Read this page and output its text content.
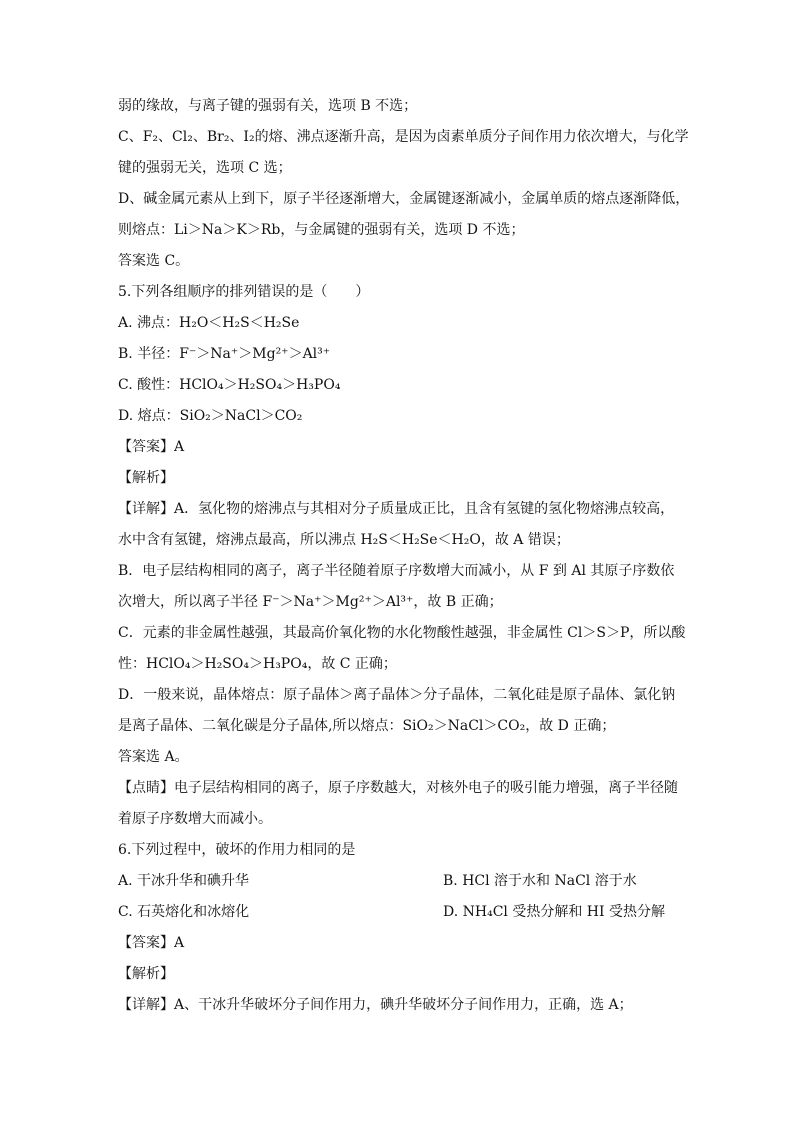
弱的缘故，与离子键的强弱有关，选项 B 不选；
C、F₂、Cl₂、Br₂、I₂的熔、沸点逐渐升高，是因为卤素单质分子间作用力依次增大，与化学
键的强弱无关，选项 C 选；
D、碱金属元素从上到下，原子半径逐渐增大，金属键逐渐减小，金属单质的熔点逐渐降低，
则熔点：Li＞Na＞K＞Rb，与金属键的强弱有关，选项 D 不选；
答案选 C。
5.下列各组顺序的排列错误的是（　　）
A. 沸点：H₂O＜H₂S＜H₂Se
B. 半径：F⁻＞Na⁺＞Mg²⁺＞Al³⁺
C. 酸性：HClO₄＞H₂SO₄＞H₃PO₄
D. 熔点：SiO₂＞NaCl＞CO₂
【答案】A
【解析】
【详解】A．氢化物的熔沸点与其相对分子质量成正比，且含有氢键的氢化物熔沸点较高，
水中含有氢键，熔沸点最高，所以沸点 H₂S＜H₂Se＜H₂O，故 A 错误；
B．电子层结构相同的离子，离子半径随着原子序数增大而减小，从 F 到 Al 其原子序数依
次增大，所以离子半径 F⁻＞Na⁺＞Mg²⁺＞Al³⁺，故 B 正确；
C．元素的非金属性越强，其最高价氧化物的水化物酸性越强，非金属性 Cl＞S＞P，所以酸
性：HClO₄＞H₂SO₄＞H₃PO₄，故 C 正确；
D．一般来说，晶体熔点：原子晶体＞离子晶体＞分子晶体，二氧化硅是原子晶体、氯化钠
是离子晶体、二氧化碳是分子晶体,所以熔点：SiO₂＞NaCl＞CO₂，故 D 正确；
答案选 A。
【点睛】电子层结构相同的离子，原子序数越大，对核外电子的吸引能力增强，离子半径随
着原子序数增大而减小。
6.下列过程中，破坏的作用力相同的是
A. 干冰升华和碘升华	B. HCl 溶于水和 NaCl 溶于水
C. 石英熔化和冰熔化	D. NH₄Cl 受热分解和 HI 受热分解
【答案】A
【解析】
【详解】A、干冰升华破坏分子间作用力，碘升华破坏分子间作用力，正确，选 A；
